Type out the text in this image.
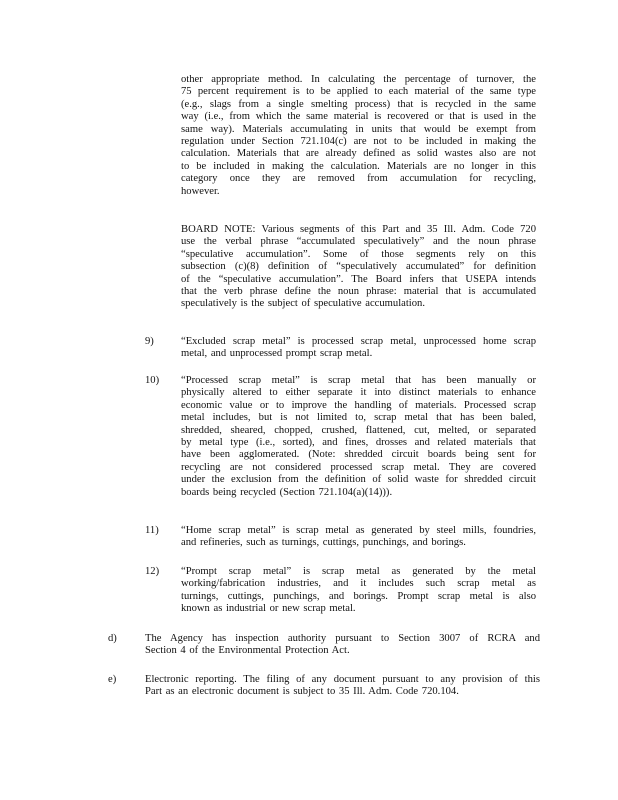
other appropriate method. In calculating the percentage of turnover, the
75 percent requirement is to be applied to each material of the same type
(e.g., slags from a single smelting process) that is recycled in the same
way (i.e., from which the same material is recovered or that is used in the
same way). Materials accumulating in units that would be exempt from
regulation under Section 721.104(c) are not to be included in making the
calculation. Materials that are already defined as solid wastes also are not
to be included in making the calculation. Materials are no longer in this
category once they are removed from accumulation for recycling,
however.
BOARD NOTE: Various segments of this Part and 35 Ill. Adm. Code 720
use the verbal phrase “accumulated speculatively” and the noun phrase
“speculative accumulation”. Some of those segments rely on this
subsection (c)(8) definition of “speculatively accumulated” for definition
of the “speculative accumulation”. The Board infers that USEPA intends
that the verb phrase define the noun phrase: material that is accumulated
speculatively is the subject of speculative accumulation.
9)	“Excluded scrap metal” is processed scrap metal, unprocessed home scrap
metal, and unprocessed prompt scrap metal.
10) “Processed scrap metal” is scrap metal that has been manually or
physically altered to either separate it into distinct materials to enhance
economic value or to improve the handling of materials. Processed scrap
metal includes, but is not limited to, scrap metal that has been baled,
shredded, sheared, chopped, crushed, flattened, cut, melted, or separated
by metal type (i.e., sorted), and fines, drosses and related materials that
have been agglomerated. (Note: shredded circuit boards being sent for
recycling are not considered processed scrap metal. They are covered
under the exclusion from the definition of solid waste for shredded circuit
boards being recycled (Section 721.104(a)(14))).
11) “Home scrap metal” is scrap metal as generated by steel mills, foundries,
and refineries, such as turnings, cuttings, punchings, and borings.
12) “Prompt scrap metal” is scrap metal as generated by the metal
working/fabrication industries, and it includes such scrap metal as
turnings, cuttings, punchings, and borings. Prompt scrap metal is also
known as industrial or new scrap metal.
d)	The Agency has inspection authority pursuant to Section 3007 of RCRA and
Section 4 of the Environmental Protection Act.
e)	Electronic reporting. The filing of any document pursuant to any provision of this
Part as an electronic document is subject to 35 Ill. Adm. Code 720.104.
